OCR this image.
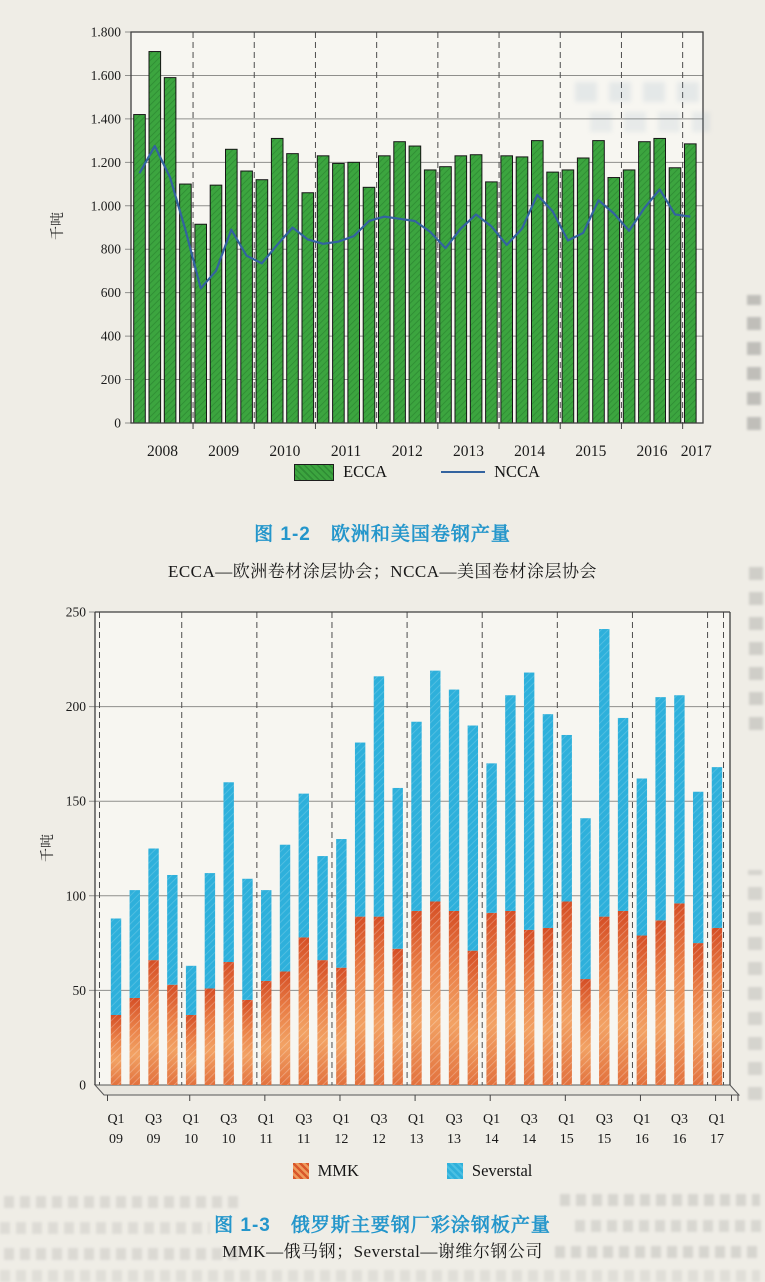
1.800
1.600
1.400
1.200
1.000
800
600
400
200
0
2008 2009 2010 2011 2012 2013 2014 2015 2016 2017
千吨
ECCA	NCCA
图 1-2　欧洲和美国卷钢产量
ECCA—欧洲卷材涂层协会；NCCA—美国卷材涂层协会
250
200
150
100
50
0
Q1
09
Q3
09
Q1
10
Q3
10
Q1
11
Q3
11
Q1
12
Q3
12
Q1
13
Q3
13
Q1
14
Q3
14
Q1
15
Q3
15
Q1
16
Q3
16
Q1
17
千吨
MMK	Severstal
图 1-3　俄罗斯主要钢厂彩涂钢板产量
MMK—俄马钢；Severstal—谢维尔钢公司
